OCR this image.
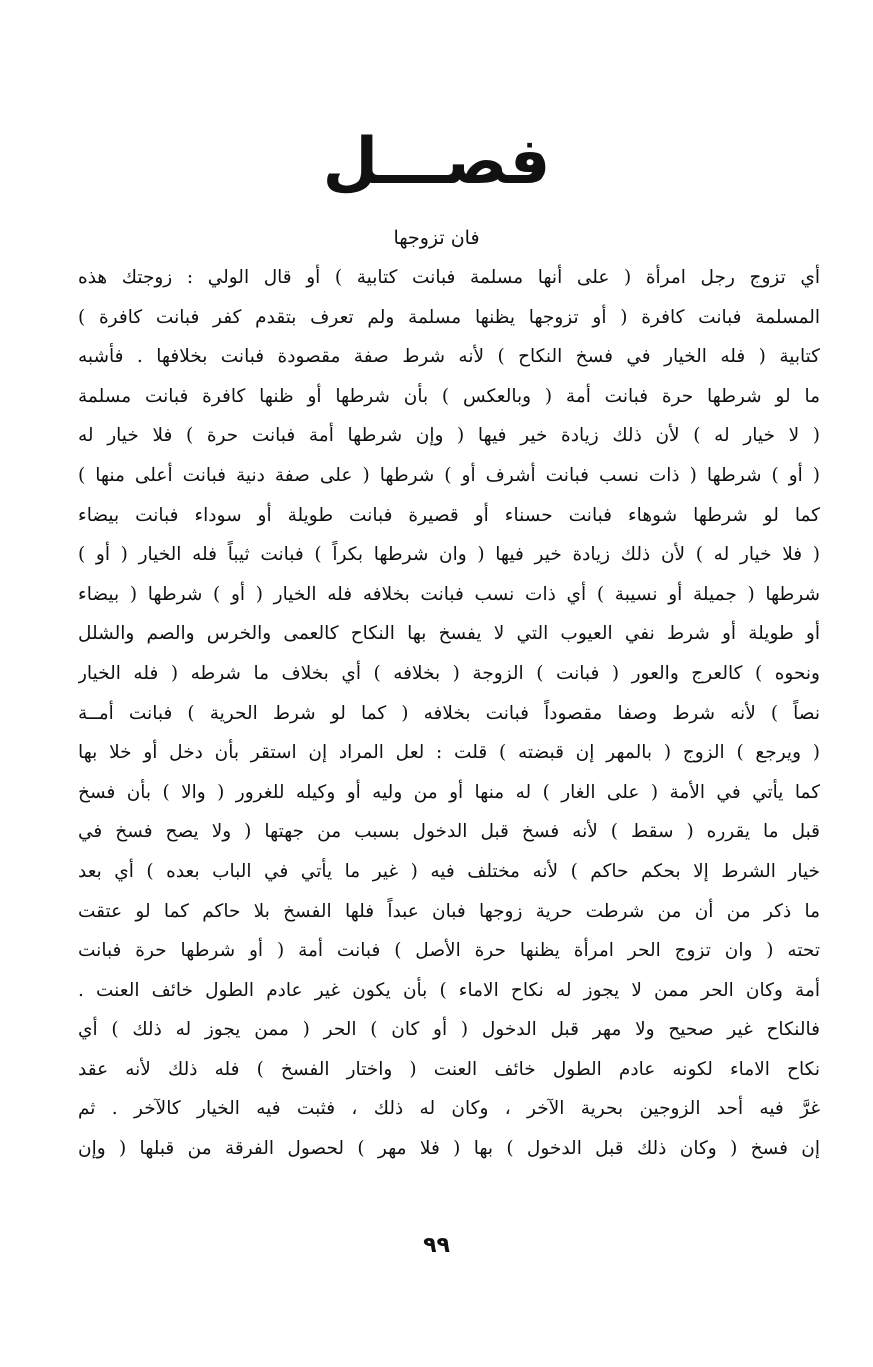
فصـــل
فان تزوجها
أي تزوج رجل امرأة ( على أنها مسلمة فبانت كتابية ) أو قال الولي : زوجتك هذه
المسلمة فبانت كافرة ( أو تزوجها يظنها مسلمة ولم تعرف بتقدم كفر فبانت كافرة )
كتابية ( فله الخيار في فسخ النكاح ) لأنه شرط صفة مقصودة فبانت بخلافها . فأشبه
ما لو شرطها حرة فبانت أمة ( وبالعكس ) بأن شرطها أو ظنها كافرة فبانت مسلمة
( لا خيار له ) لأن ذلك زيادة خير فيها ( وإن شرطها أمة فبانت حرة ) فلا خيار له
( أو ) شرطها ( ذات نسب فبانت أشرف أو ) شرطها ( على صفة دنية فبانت أعلى منها )
كما لو شرطها شوهاء فبانت حسناء أو قصيرة فبانت طويلة أو سوداء فبانت بيضاء
( فلا خيار له ) لأن ذلك زيادة خير فيها ( وان شرطها بكراً ) فبانت ثيباً فله الخيار ( أو )
شرطها ( جميلة أو نسيبة ) أي ذات نسب فبانت بخلافه فله الخيار ( أو ) شرطها ( بيضاء
أو طويلة أو شرط نفي العيوب التي لا يفسخ بها النكاح كالعمى والخرس والصم والشلل
ونحوه ) كالعرج والعور ( فبانت ) الزوجة ( بخلافه ) أي بخلاف ما شرطه ( فله الخيار
نصاً ) لأنه شرط وصفا مقصوداً فبانت بخلافه ( كما لو شرط الحرية ) فبانت أمــة
( ويرجع ) الزوج ( بالمهر إن قبضته ) قلت : لعل المراد إن استقر بأن دخل أو خلا بها
كما يأتي في الأمة ( على الغار ) له منها أو من وليه أو وكيله للغرور ( والا ) بأن فسخ
قبل ما يقرره ( سقط ) لأنه فسخ قبل الدخول بسبب من جهتها ( ولا يصح فسخ في
خيار الشرط إلا بحكم حاكم ) لأنه مختلف فيه ( غير ما يأتي في الباب بعده ) أي بعد
ما ذكر من أن من شرطت حرية زوجها فبان عبداً فلها الفسخ بلا حاكم كما لو عتقت
تحته ( وان تزوج الحر امرأة يظنها حرة الأصل ) فبانت أمة ( أو شرطها حرة فبانت
أمة وكان الحر ممن لا يجوز له نكاح الاماء ) بأن يكون غير عادم الطول خائف العنت .
فالنكاح غير صحيح ولا مهر قبل الدخول ( أو كان ) الحر ( ممن يجوز له ذلك ) أي
نكاح الاماء لكونه عادم الطول خائف العنت ( واختار الفسخ ) فله ذلك لأنه عقد
غرَّ فيه أحد الزوجين بحرية الآخر ، وكان له ذلك ، فثبت فيه الخيار كالآخر . ثم
إن فسخ ( وكان ذلك قبل الدخول ) بها ( فلا مهر ) لحصول الفرقة من قبلها ( وإن
٩٩
